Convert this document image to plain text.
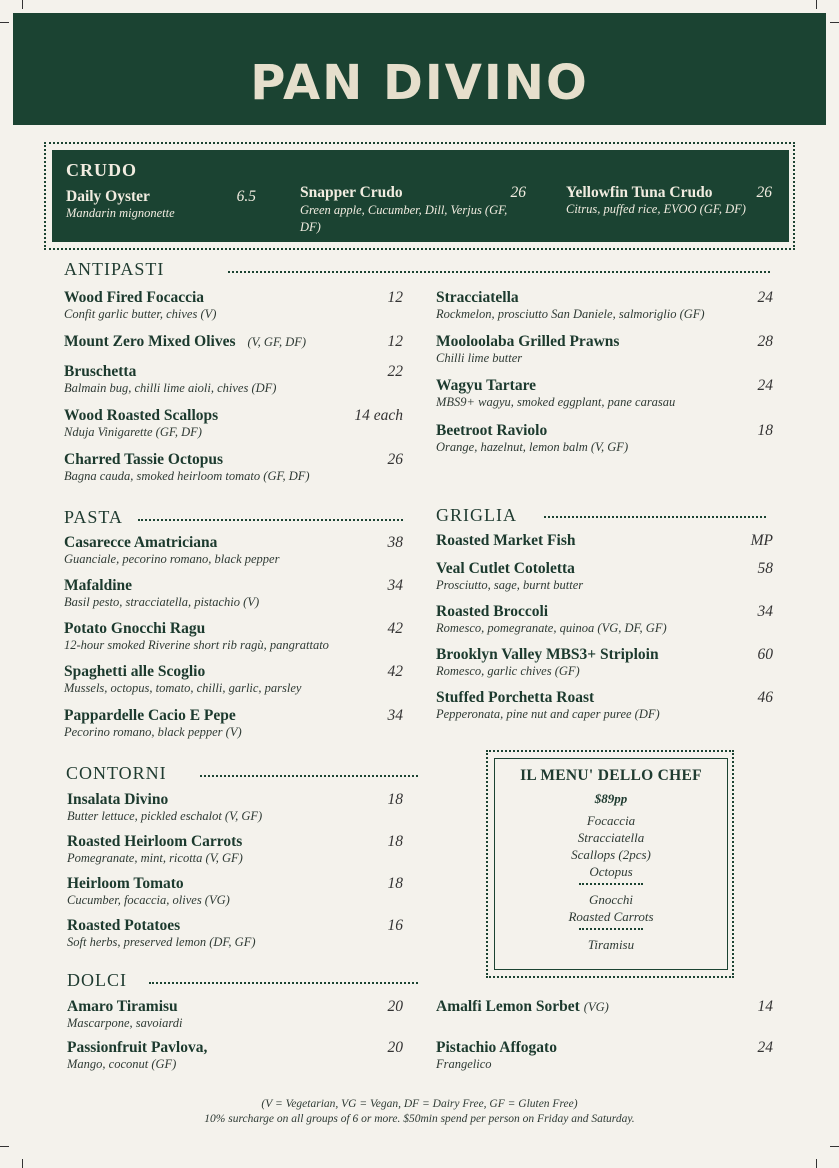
PAN DIVINO
CRUDO
Daily Oyster	6.5
Mandarin mignonette
Snapper Crudo	26
Green apple, Cucumber, Dill, Verjus (GF, DF)
Yellowfin Tuna Crudo	26
Citrus, puffed rice, EVOO (GF, DF)
ANTIPASTI
Wood Fired Focaccia	12
Confit garlic butter, chives (V)
Mount Zero Mixed Olives (V, GF, DF)	12
Bruschetta	22
Balmain bug, chilli lime aioli, chives (DF)
Wood Roasted Scallops	14 each
Nduja Vinigarette (GF, DF)
Charred Tassie Octopus	26
Bagna cauda, smoked heirloom tomato (GF, DF)
Stracciatella	24
Rockmelon, prosciutto San Daniele, salmoriglio (GF)
Mooloolaba Grilled Prawns	28
Chilli lime butter
Wagyu Tartare	24
MBS9+ wagyu, smoked eggplant, pane carasau
Beetroot Raviolo	18
Orange, hazelnut, lemon balm (V, GF)
PASTA
Casarecce Amatriciana	38
Guanciale, pecorino romano, black pepper
Mafaldine	34
Basil pesto, stracciatella, pistachio (V)
Potato Gnocchi Ragu	42
12-hour smoked Riverine short rib ragù, pangrattato
Spaghetti alle Scoglio	42
Mussels, octopus, tomato, chilli, garlic, parsley
Pappardelle Cacio E Pepe	34
Pecorino romano, black pepper (V)
GRIGLIA
Roasted Market Fish	MP
Veal Cutlet Cotoletta	58
Prosciutto, sage, burnt butter
Roasted Broccoli	34
Romesco, pomegranate, quinoa (VG, DF, GF)
Brooklyn Valley MBS3+ Striploin	60
Romesco, garlic chives (GF)
Stuffed Porchetta Roast	46
Pepperonata, pine nut and caper puree (DF)
CONTORNI
Insalata Divino	18
Butter lettuce, pickled eschalot (V, GF)
Roasted Heirloom Carrots	18
Pomegranate, mint, ricotta (V, GF)
Heirloom Tomato	18
Cucumber, focaccia, olives (VG)
Roasted Potatoes	16
Soft herbs, preserved lemon (DF, GF)
IL MENU' DELLO CHEF
$89pp
Focaccia
Stracciatella
Scallops (2pcs)
Octopus
Gnocchi
Roasted Carrots
Tiramisu
DOLCI
Amaro Tiramisu	20
Mascarpone, savoiardi
Passionfruit Pavlova,	20
Mango, coconut (GF)
Amalfi Lemon Sorbet (VG)	14
Pistachio Affogato	24
Frangelico
(V = Vegetarian, VG = Vegan, DF = Dairy Free, GF = Gluten Free)
10% surcharge on all groups of 6 or more. $50min spend per person on Friday and Saturday.
